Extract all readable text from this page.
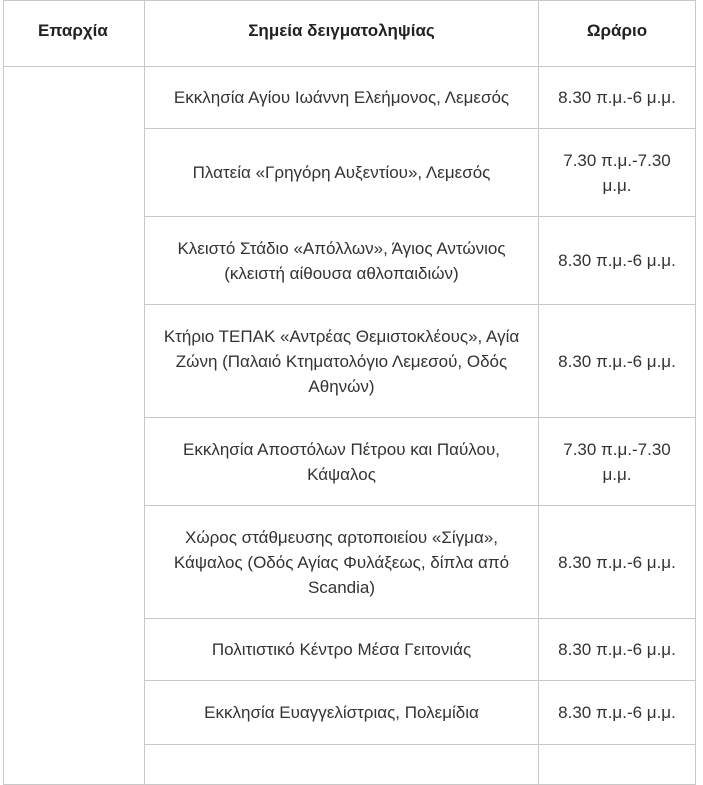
Επαρχία	Σημεία δειγματοληψίας	Ωράριο
	Εκκλησία Αγίου Ιωάννη Ελεήμονος, Λεμεσός	8.30 π.μ.-6 μ.μ.
	Πλατεία «Γρηγόρη Αυξεντίου», Λεμεσός	7.30 π.μ.-7.30 μ.μ.
	Κλειστό Στάδιο «Απόλλων», Άγιος Αντώνιος (κλειστή αίθουσα αθλοπαιδιών)	8.30 π.μ.-6 μ.μ.
	Κτήριο ΤΕΠΑΚ «Αντρέας Θεμιστοκλέους», Αγία Ζώνη (Παλαιό Κτηματολόγιο Λεμεσού, Οδός Αθηνών)	8.30 π.μ.-6 μ.μ.
	Εκκλησία Αποστόλων Πέτρου και Παύλου, Κάψαλος	7.30 π.μ.-7.30 μ.μ.
	Χώρος στάθμευσης αρτοποιείου «Σίγμα», Κάψαλος (Οδός Αγίας Φυλάξεως, δίπλα από Scandia)	8.30 π.μ.-6 μ.μ.
	Πολιτιστικό Κέντρο Μέσα Γειτονιάς	8.30 π.μ.-6 μ.μ.
	Εκκλησία Ευαγγελίστριας, Πολεμίδια	8.30 π.μ.-6 μ.μ.
